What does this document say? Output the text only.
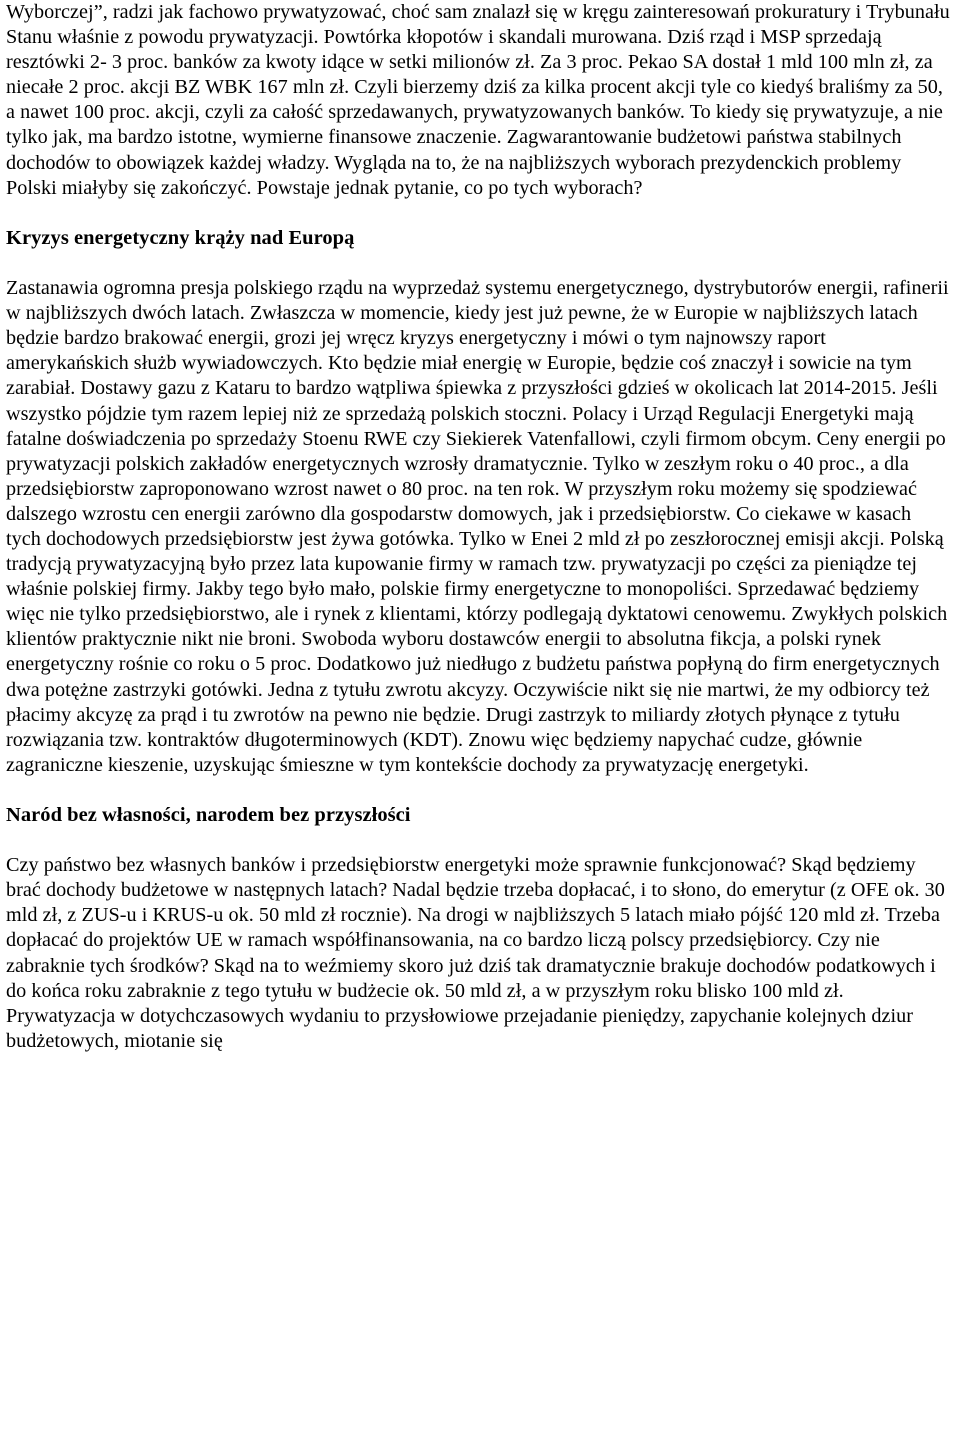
Wyborczej”, radzi jak fachowo prywatyzować, choć sam znalazł się w kręgu zainteresowań prokuratury i Trybunału Stanu właśnie z powodu prywatyzacji. Powtórka kłopotów i skandali murowana. Dziś rząd i MSP sprzedają resztówki 2- 3 proc. banków za kwoty idące w setki milionów zł. Za 3 proc. Pekao SA dostał 1 mld 100 mln zł, za niecałe 2 proc. akcji BZ WBK 167 mln zł. Czyli bierzemy dziś za kilka procent akcji tyle co kiedyś braliśmy za 50, a nawet 100 proc. akcji, czyli za całość sprzedawanych, prywatyzowanych banków. To kiedy się prywatyzuje, a nie tylko jak, ma bardzo istotne, wymierne finansowe znaczenie. Zagwarantowanie budżetowi państwa stabilnych dochodów to obowiązek każdej władzy. Wygląda na to, że na najbliższych wyborach prezydenckich problemy Polski miałyby się zakończyć. Powstaje jednak pytanie, co po tych wyborach?

Kryzys energetyczny krąży nad Europą

Zastanawia ogromna presja polskiego rządu na wyprzedaż systemu energetycznego, dystrybutorów energii, rafinerii w najbliższych dwóch latach. Zwłaszcza w momencie, kiedy jest już pewne, że w Europie w najbliższych latach będzie bardzo brakować energii, grozi jej wręcz kryzys energetyczny i mówi o tym najnowszy raport amerykańskich służb wywiadowczych. Kto będzie miał energię w Europie, będzie coś znaczył i sowicie na tym zarabiał. Dostawy gazu z Kataru to bardzo wątpliwa śpiewka z przyszłości gdzieś w okolicach lat 2014-2015. Jeśli wszystko pójdzie tym razem lepiej niż ze sprzedażą polskich stoczni. Polacy i Urząd Regulacji Energetyki mają fatalne doświadczenia po sprzedaży Stoenu RWE czy Siekierek Vatenfallowi, czyli firmom obcym. Ceny energii po prywatyzacji polskich zakładów energetycznych wzrosły dramatycznie. Tylko w zeszłym roku o 40 proc., a dla przedsiębiorstw zaproponowano wzrost nawet o 80 proc. na ten rok. W przyszłym roku możemy się spodziewać dalszego wzrostu cen energii zarówno dla gospodarstw domowych, jak i przedsiębiorstw. Co ciekawe w kasach tych dochodowych przedsiębiorstw jest żywa gotówka. Tylko w Enei 2 mld zł po zeszłorocznej emisji akcji. Polską tradycją prywatyzacyjną było przez lata kupowanie firmy w ramach tzw. prywatyzacji po części za pieniądze tej właśnie polskiej firmy. Jakby tego było mało, polskie firmy energetyczne to monopoliści. Sprzedawać będziemy więc nie tylko przedsiębiorstwo, ale i rynek z klientami, którzy podlegają dyktatowi cenowemu. Zwykłych polskich klientów praktycznie nikt nie broni. Swoboda wyboru dostawców energii to absolutna fikcja, a polski rynek energetyczny rośnie co roku o 5 proc. Dodatkowo już niedługo z budżetu państwa popłyną do firm energetycznych dwa potężne zastrzyki gotówki. Jedna z tytułu zwrotu akcyzy. Oczywiście nikt się nie martwi, że my odbiorcy też płacimy akcyzę za prąd i tu zwrotów na pewno nie będzie. Drugi zastrzyk to miliardy złotych płynące z tytułu rozwiązania tzw. kontraktów długoterminowych (KDT). Znowu więc będziemy napychać cudze, głównie zagraniczne kieszenie, uzyskując śmieszne w tym kontekście dochody za prywatyzację energetyki.

Naród bez własności, narodem bez przyszłości

Czy państwo bez własnych banków i przedsiębiorstw energetyki może sprawnie funkcjonować? Skąd będziemy brać dochody budżetowe w następnych latach? Nadal będzie trzeba dopłacać, i to słono, do emerytur (z OFE ok. 30 mld zł, z ZUS-u i KRUS-u ok. 50 mld zł rocznie). Na drogi w najbliższych 5 latach miało pójść 120 mld zł. Trzeba dopłacać do projektów UE w ramach współfinansowania, na co bardzo liczą polscy przedsiębiorcy. Czy nie zabraknie tych środków? Skąd na to weźmiemy skoro już dziś tak dramatycznie brakuje dochodów podatkowych i do końca roku zabraknie z tego tytułu w budżecie ok. 50 mld zł, a w przyszłym roku blisko 100 mld zł. Prywatyzacja w dotychczasowych wydaniu to przysłowiowe przejadanie pieniędzy, zapychanie kolejnych dziur budżetowych, miotanie się
